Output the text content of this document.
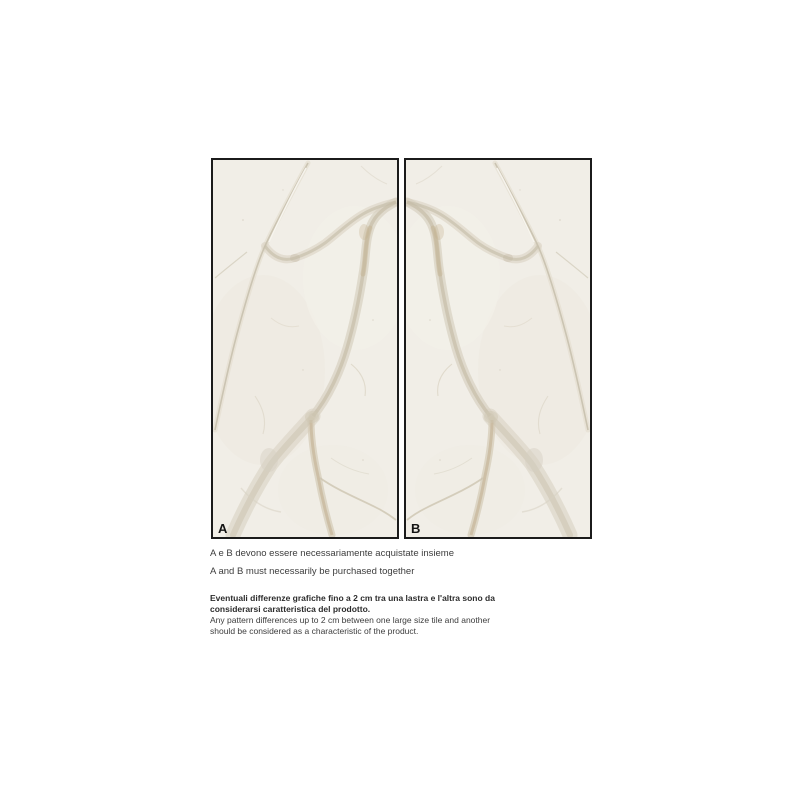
A	B
A e B devono essere necessariamente acquistate insieme
A and B must necessarily be purchased together
Eventuali differenze grafiche fino a 2 cm tra una lastra e l'altra sono da
considerarsi caratteristica del prodotto.
Any pattern differences up to 2 cm between one large size tile and another
should be considered as a characteristic of the product.
